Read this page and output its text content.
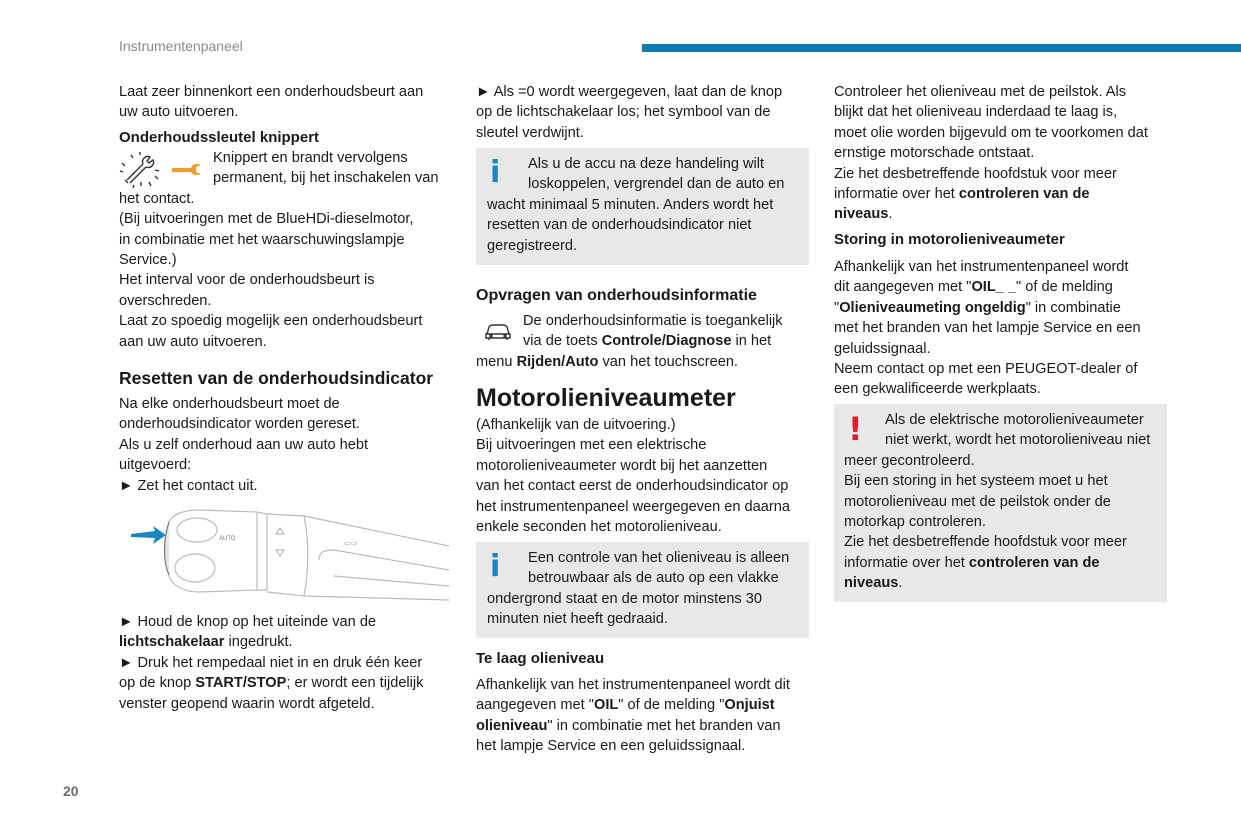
Instrumentenpaneel
20
Laat zeer binnenkort een onderhoudsbeurt aan
uw auto uitvoeren.
Onderhoudssleutel knippert
Knippert en brandt vervolgens
permanent, bij het inschakelen van
het contact.
(Bij uitvoeringen met de BlueHDi-dieselmotor,
in combinatie met het waarschuwingslampje
Service.)
Het interval voor de onderhoudsbeurt is
overschreden.
Laat zo spoedig mogelijk een onderhoudsbeurt
aan uw auto uitvoeren.
Resetten van de onderhoudsindicator
Na elke onderhoudsbeurt moet de
onderhoudsindicator worden gereset.
Als u zelf onderhoud aan uw auto hebt
uitgevoerd:
► Zet het contact uit.
AUTO	⇦⇨
► Houd de knop op het uiteinde van de
lichtschakelaar ingedrukt.
► Druk het rempedaal niet in en druk één keer
op de knop START/STOP; er wordt een tijdelijk
venster geopend waarin wordt afgeteld.
► Als =0 wordt weergegeven, laat dan de knop
op de lichtschakelaar los; het symbool van de
sleutel verdwijnt.
i	Als u de accu na deze handeling wilt
loskoppelen, vergrendel dan de auto en
wacht minimaal 5 minuten. Anders wordt het
resetten van de onderhoudsindicator niet
geregistreerd.
Opvragen van onderhoudsinformatie
De onderhoudsinformatie is toegankelijk
via de toets Controle/Diagnose in het
menu Rijden/Auto van het touchscreen.
Motorolieniveaumeter
(Afhankelijk van de uitvoering.)
Bij uitvoeringen met een elektrische
motorolieniveaumeter wordt bij het aanzetten
van het contact eerst de onderhoudsindicator op
het instrumentenpaneel weergegeven en daarna
enkele seconden het motorolieniveau.
i	Een controle van het olieniveau is alleen
betrouwbaar als de auto op een vlakke
ondergrond staat en de motor minstens 30
minuten niet heeft gedraaid.
Te laag olieniveau
Afhankelijk van het instrumentenpaneel wordt dit
aangegeven met "OIL" of de melding "Onjuist
olieniveau" in combinatie met het branden van
het lampje Service en een geluidssignaal.
Controleer het olieniveau met de peilstok. Als
blijkt dat het olieniveau inderdaad te laag is,
moet olie worden bijgevuld om te voorkomen dat
ernstige motorschade ontstaat.
Zie het desbetreffende hoofdstuk voor meer
informatie over het controleren van de
niveaus.
Storing in motorolieniveaumeter
Afhankelijk van het instrumentenpaneel wordt
dit aangegeven met "OIL_ _" of de melding
"Olieniveaumeting ongeldig" in combinatie
met het branden van het lampje Service en een
geluidssignaal.
Neem contact op met een PEUGEOT-dealer of
een gekwalificeerde werkplaats.
!	Als de elektrische motorolieniveaumeter
niet werkt, wordt het motorolieniveau niet
meer gecontroleerd.
Bij een storing in het systeem moet u het
motorolieniveau met de peilstok onder de
motorkap controleren.
Zie het desbetreffende hoofdstuk voor meer
informatie over het controleren van de
niveaus.
